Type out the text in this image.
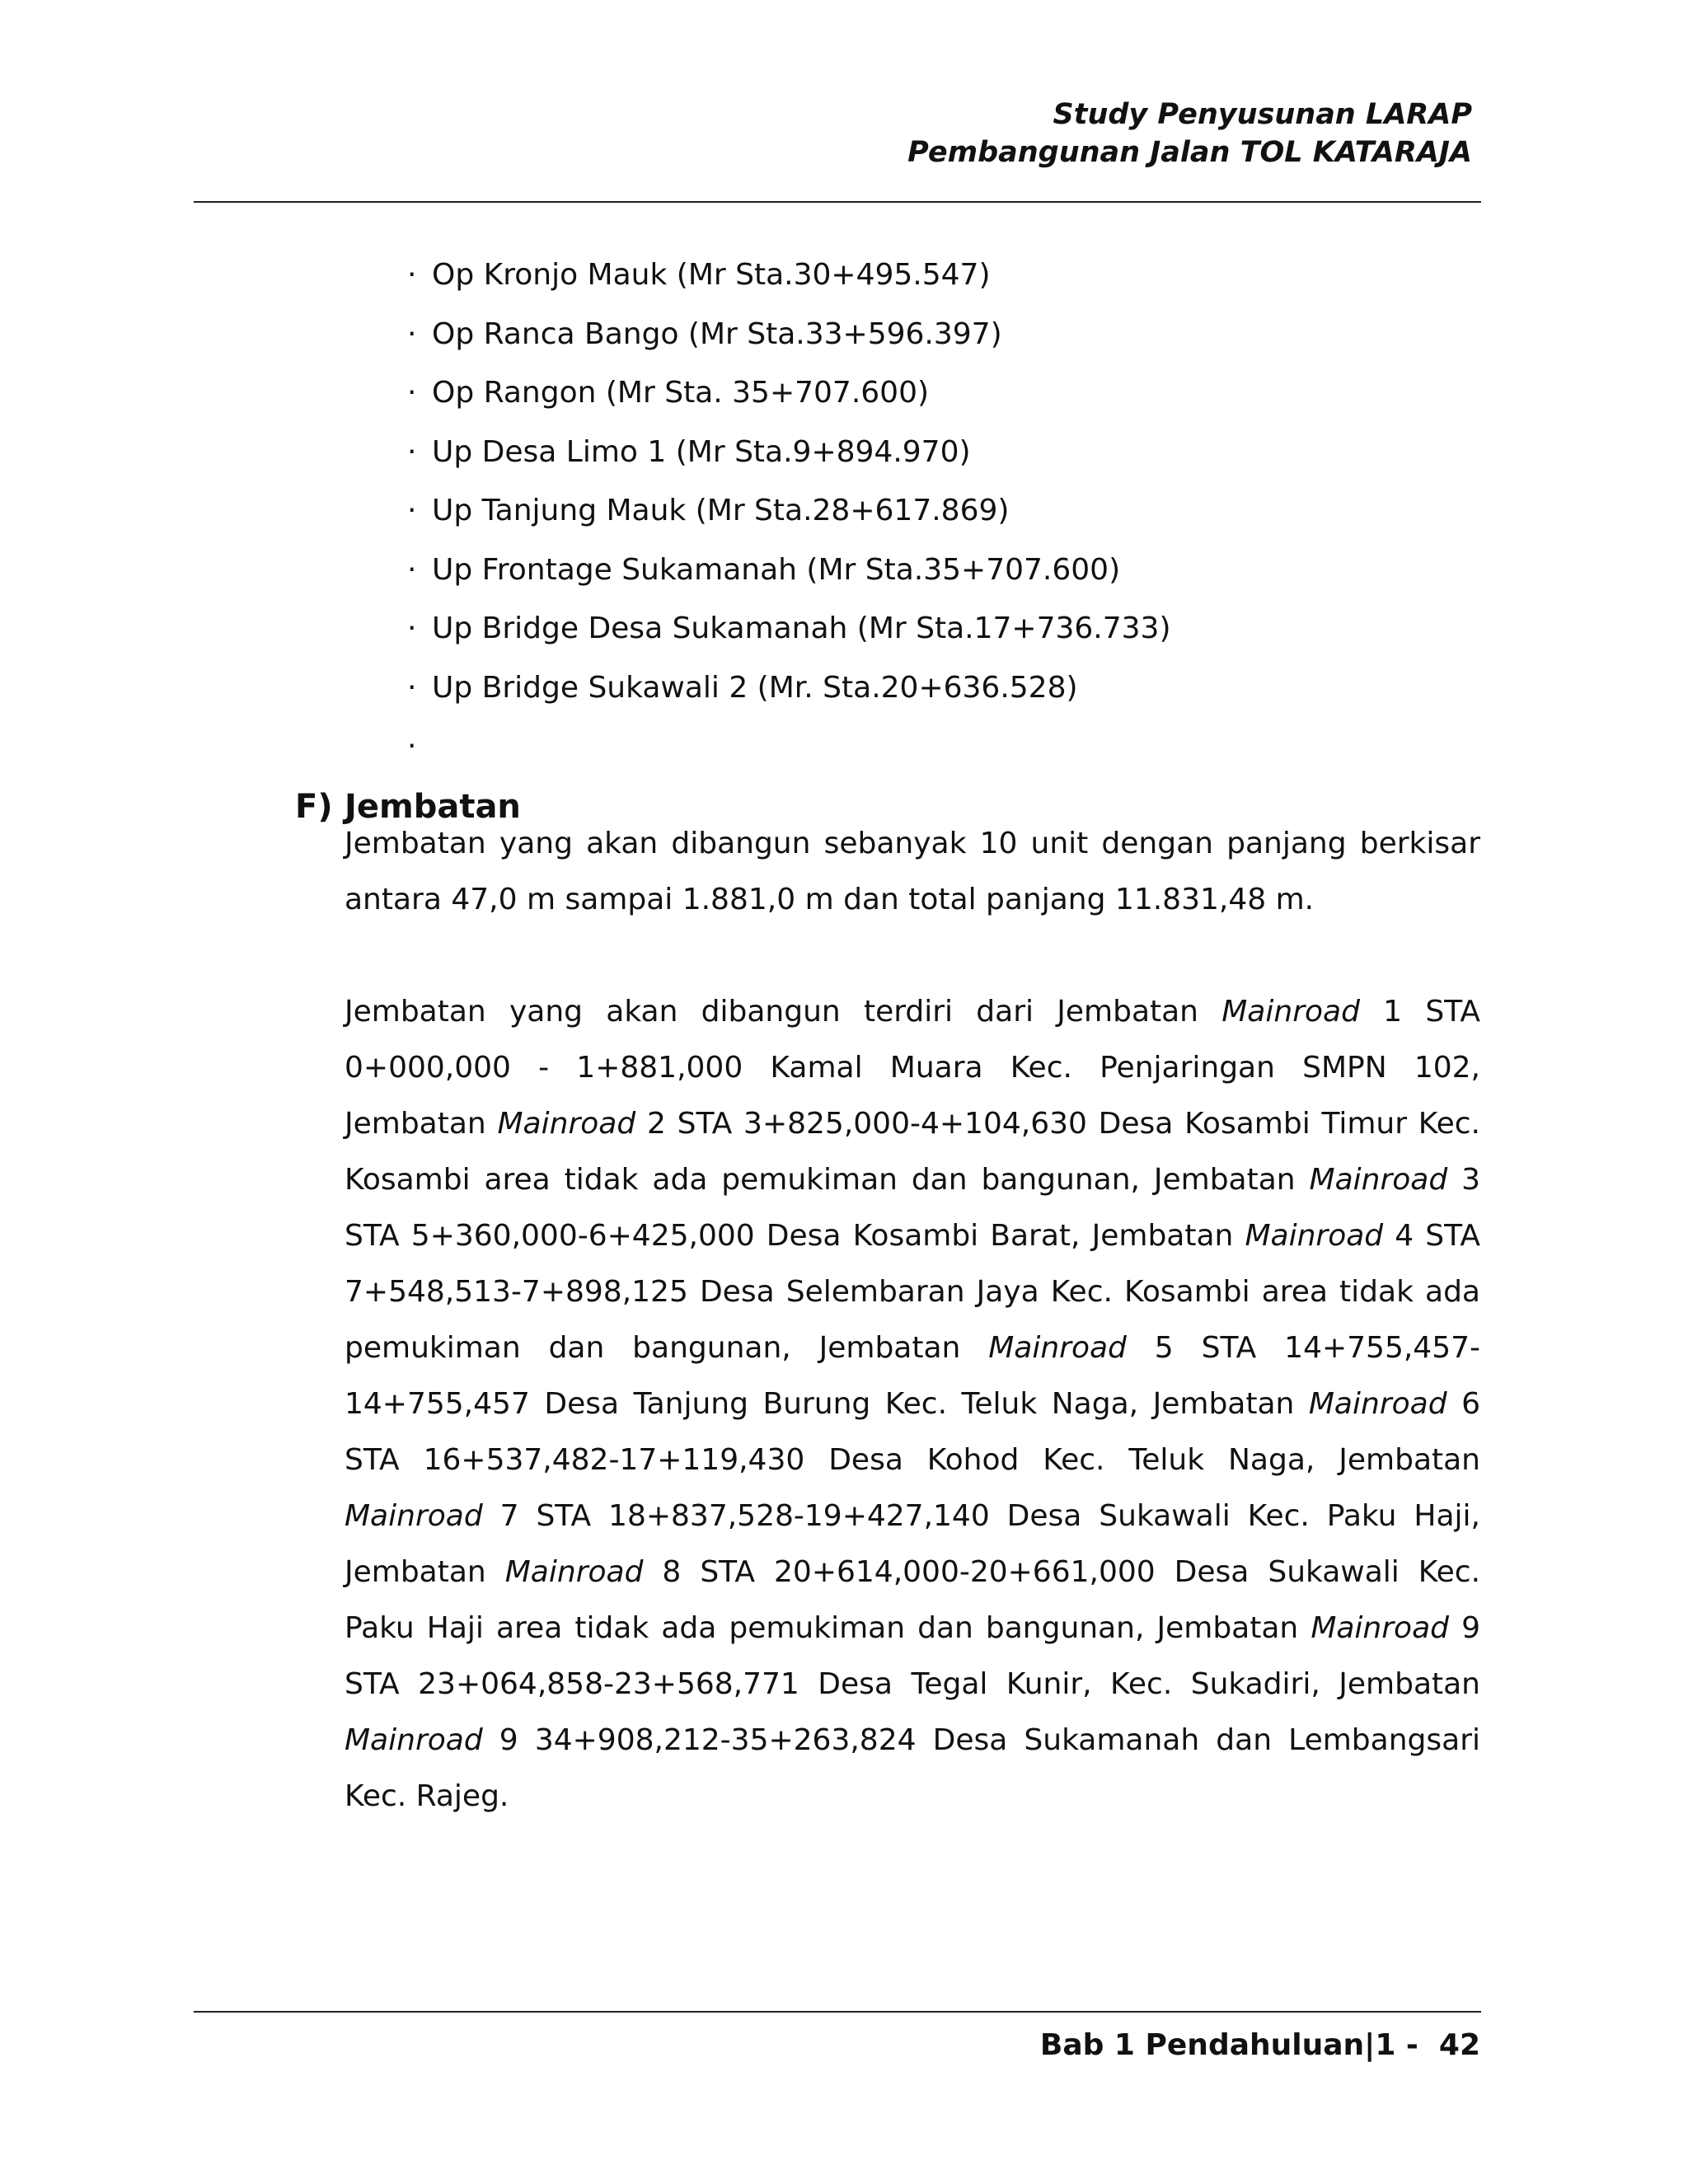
Study Penyusunan LARAP
Pembangunan Jalan TOL KATARAJA
· Op Kronjo Mauk (Mr Sta.30+495.547)
· Op Ranca Bango (Mr Sta.33+596.397)
· Op Rangon (Mr Sta. 35+707.600)
· Up Desa Limo 1 (Mr Sta.9+894.970)
· Up Tanjung Mauk (Mr Sta.28+617.869)
· Up Frontage Sukamanah (Mr Sta.35+707.600)
· Up Bridge Desa Sukamanah (Mr Sta.17+736.733)
· Up Bridge Sukawali 2 (Mr. Sta.20+636.528)
·
F) Jembatan

Jembatan yang akan dibangun sebanyak 10 unit dengan panjang berkisar antara 47,0 m sampai 1.881,0 m dan total panjang 11.831,48 m.

Jembatan yang akan dibangun terdiri dari Jembatan Mainroad 1 STA 0+000,000 - 1+881,000 Kamal Muara Kec. Penjaringan SMPN 102, Jembatan Mainroad 2 STA 3+825,000-4+104,630 Desa Kosambi Timur Kec. Kosambi area tidak ada pemukiman dan bangunan, Jembatan Mainroad 3 STA 5+360,000-6+425,000 Desa Kosambi Barat, Jembatan Mainroad 4 STA 7+548,513-7+898,125 Desa Selembaran Jaya Kec. Kosambi area tidak ada pemukiman dan bangunan, Jembatan Mainroad 5 STA 14+755,457-14+755,457 Desa Tanjung Burung Kec. Teluk Naga, Jembatan Mainroad 6 STA 16+537,482-17+119,430 Desa Kohod Kec. Teluk Naga, Jembatan Mainroad 7 STA 18+837,528-19+427,140 Desa Sukawali Kec. Paku Haji, Jembatan Mainroad 8 STA 20+614,000-20+661,000 Desa Sukawali Kec. Paku Haji area tidak ada pemukiman dan bangunan, Jembatan Mainroad 9 STA 23+064,858-23+568,771 Desa Tegal Kunir, Kec. Sukadiri, Jembatan Mainroad 9 34+908,212-35+263,824 Desa Sukamanah dan Lembangsari Kec. Rajeg.

Bab 1 Pendahuluan|1 -  42
